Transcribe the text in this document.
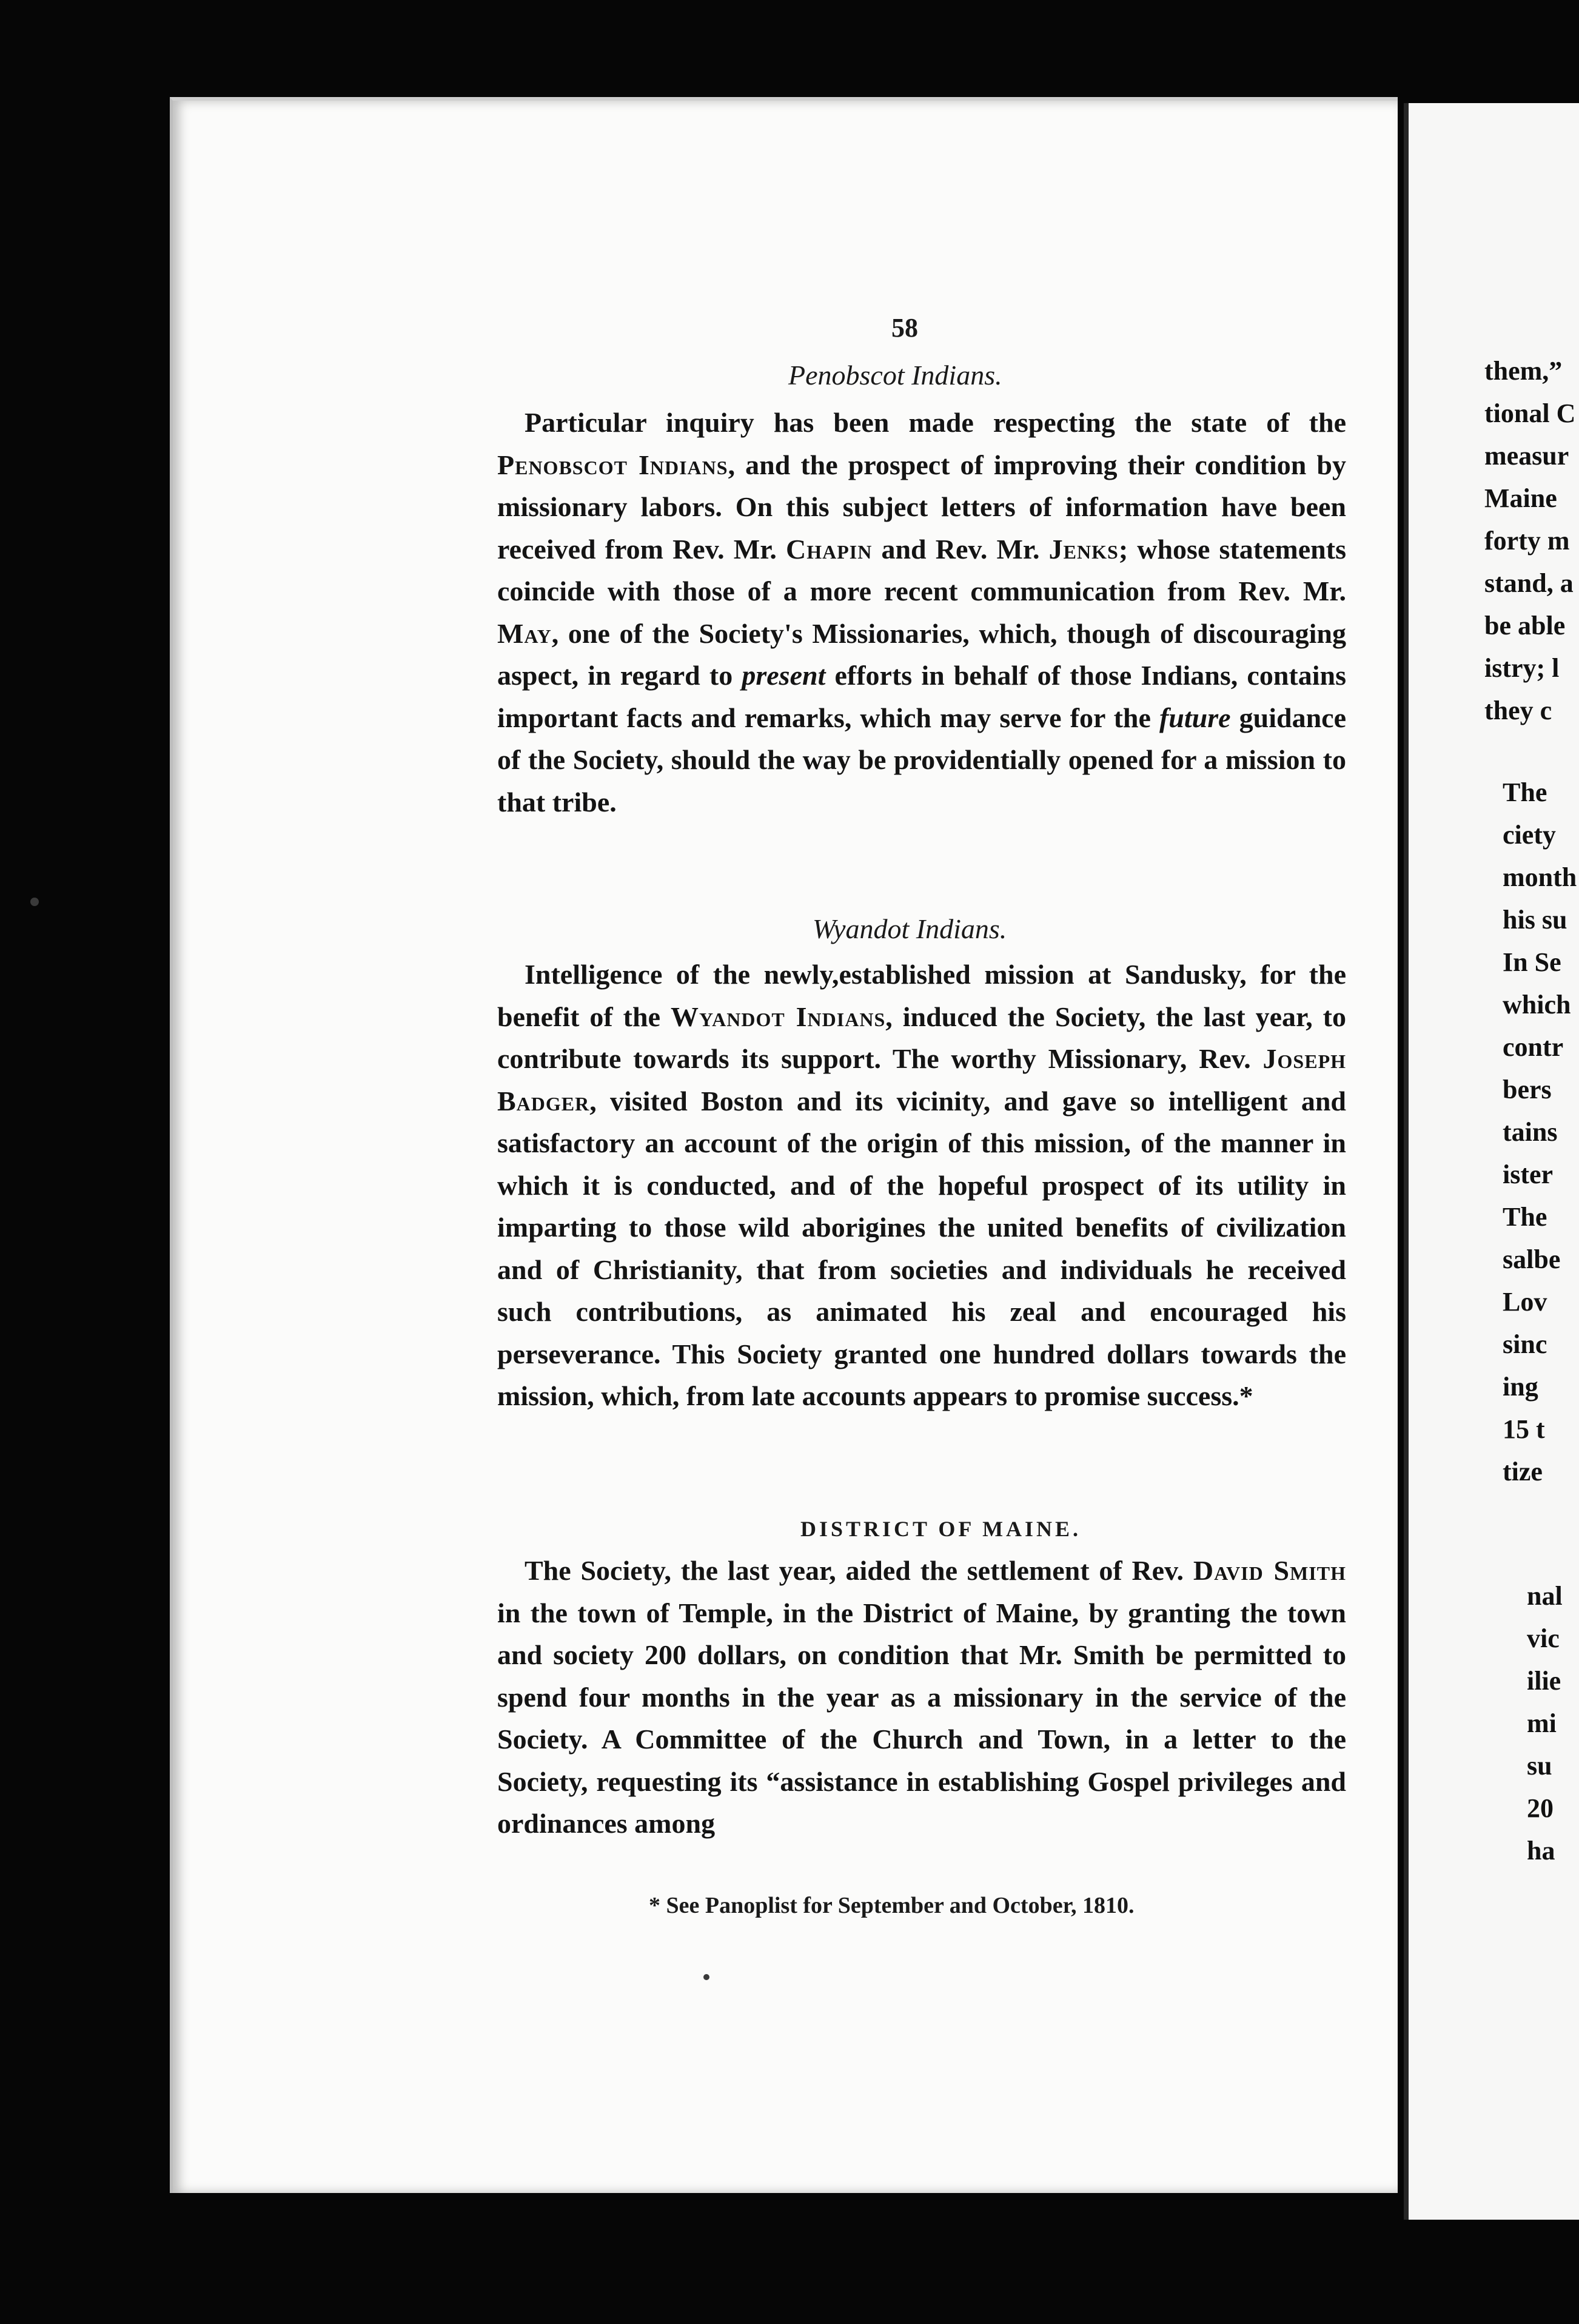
58
Penobscot Indians.
Particular inquiry has been made respecting the state of the Penobscot Indians, and the prospect of improving their condition by missionary labors. On this subject letters of information have been received from Rev. Mr. Chapin and Rev. Mr. Jenks; whose statements coincide with those of a more recent communication from Rev. Mr. May, one of the Society's Missionaries, which, though of discouraging aspect, in regard to present efforts in behalf of those Indians, contains important facts and remarks, which may serve for the future guidance of the Society, should the way be providentially opened for a mission to that tribe.
Wyandot Indians.
Intelligence of the newly,established mission at Sandusky, for the benefit of the Wyandot Indians, induced the Society, the last year, to contribute towards its support. The worthy Missionary, Rev. Joseph Badger, visited Boston and its vicinity, and gave so intelligent and satisfactory an account of the origin of this mission, of the manner in which it is conducted, and of the hopeful prospect of its utility in imparting to those wild aborigines the united benefits of civilization and of Christianity, that from societies and individuals he received such contributions, as animated his zeal and encouraged his perseverance. This Society granted one hundred dollars towards the mission, which, from late accounts appears to promise success.*
DISTRICT OF MAINE.
The Society, the last year, aided the settlement of Rev. David Smith in the town of Temple, in the District of Maine, by granting the town and society 200 dollars, on condition that Mr. Smith be permitted to spend four months in the year as a missionary in the service of the Society. A Committee of the Church and Town, in a letter to the Society, requesting its “assistance in establishing Gospel privileges and ordinances among
* See Panoplist for September and October, 1810.
them,”
tional C
measur
Maine
forty m
stand, a
be able
istry; l
they c
The
ciety
month
his su
In Se
which
contr
bers
tains
ister
The
salbe
Lov
sinc
ing
15 t
tize
nal
vic
ilie
mi
su
20
ha
